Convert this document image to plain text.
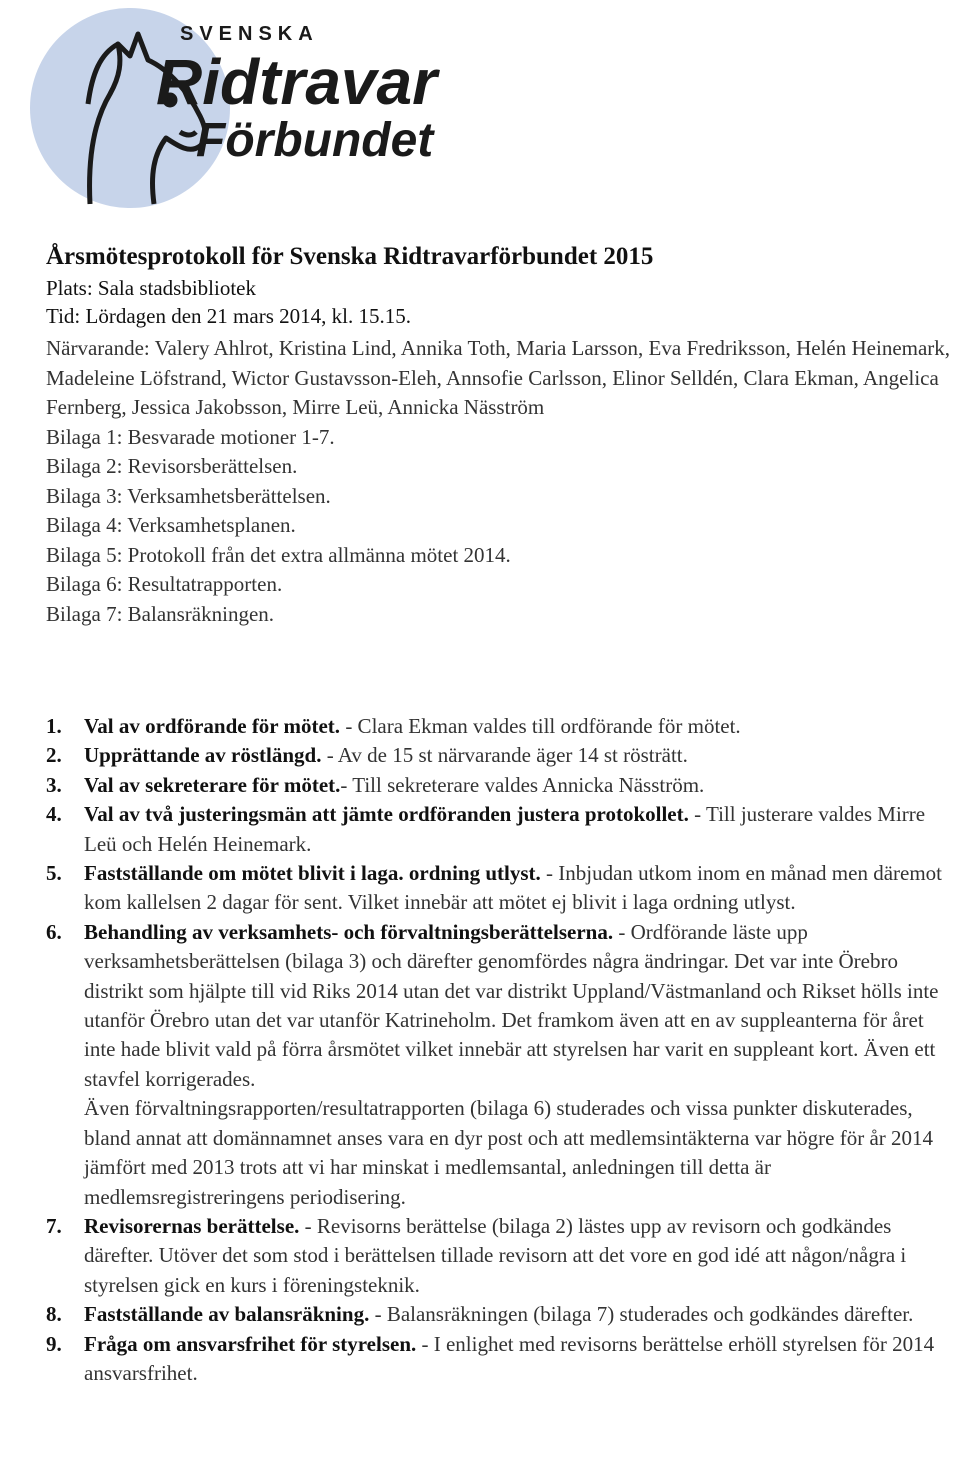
SVENSKA
Ridtravar
Förbundet
Årsmötesprotokoll för Svenska Ridtravarförbundet 2015

Plats: Sala stadsbibliotek

Tid: Lördagen den 21 mars 2014, kl. 15.15.

Närvarande: Valery Ahlrot, Kristina Lind, Annika Toth, Maria Larsson, Eva Fredriksson, Helén Heinemark, Madeleine Löfstrand, Wictor Gustavsson-Eleh, Annsofie Carlsson, Elinor Selldén, Clara Ekman, Angelica Fernberg, Jessica Jakobsson, Mirre Leü, Annicka Näsström

Bilaga 1: Besvarade motioner 1-7.

Bilaga 2: Revisorsberättelsen.

Bilaga 3: Verksamhetsberättelsen.

Bilaga 4: Verksamhetsplanen.

Bilaga 5: Protokoll från det extra allmänna mötet 2014.

Bilaga 6: Resultatrapporten.

Bilaga 7: Balansräkningen.

1.	Val av ordförande för mötet. - Clara Ekman valdes till ordförande för mötet.
2.	Upprättande av röstlängd. - Av de 15 st närvarande äger 14 st rösträtt.
3.	Val av sekreterare för mötet.- Till sekreterare valdes Annicka Näsström.
4.	Val av två justeringsmän att jämte ordföranden justera protokollet. - Till justerare valdes Mirre Leü och Helén Heinemark.
5.	Fastställande om mötet blivit i laga. ordning utlyst. - Inbjudan utkom inom en månad men däremot kom kallelsen 2 dagar för sent. Vilket innebär att mötet ej blivit i laga ordning utlyst.
6.	Behandling av verksamhets- och förvaltningsberättelserna. - Ordförande läste upp verksamhetsberättelsen (bilaga 3) och därefter genomfördes några ändringar. Det var inte Örebro distrikt som hjälpte till vid Riks 2014 utan det var distrikt Uppland/Västmanland och Rikset hölls inte utanför Örebro utan det var utanför Katrineholm. Det framkom även att en av suppleanterna för året inte hade blivit vald på förra årsmötet vilket innebär att styrelsen har varit en suppleant kort. Även ett stavfel korrigerades.
Även förvaltningsrapporten/resultatrapporten (bilaga 6) studerades och vissa punkter diskuterades, bland annat att domännamnet anses vara en dyr post och att medlemsintäkterna var högre för år 2014 jämfört med 2013 trots att vi har minskat i medlemsantal, anledningen till detta är medlemsregistreringens periodisering.
7.	Revisorernas berättelse. - Revisorns berättelse (bilaga 2) lästes upp av revisorn och godkändes därefter. Utöver det som stod i berättelsen tillade revisorn att det vore en god idé att någon/några i styrelsen gick en kurs i föreningsteknik.
8.	Fastställande av balansräkning. - Balansräkningen (bilaga 7) studerades och godkändes därefter.
9.	Fråga om ansvarsfrihet för styrelsen. - I enlighet med revisorns berättelse erhöll styrelsen för 2014 ansvarsfrihet.
